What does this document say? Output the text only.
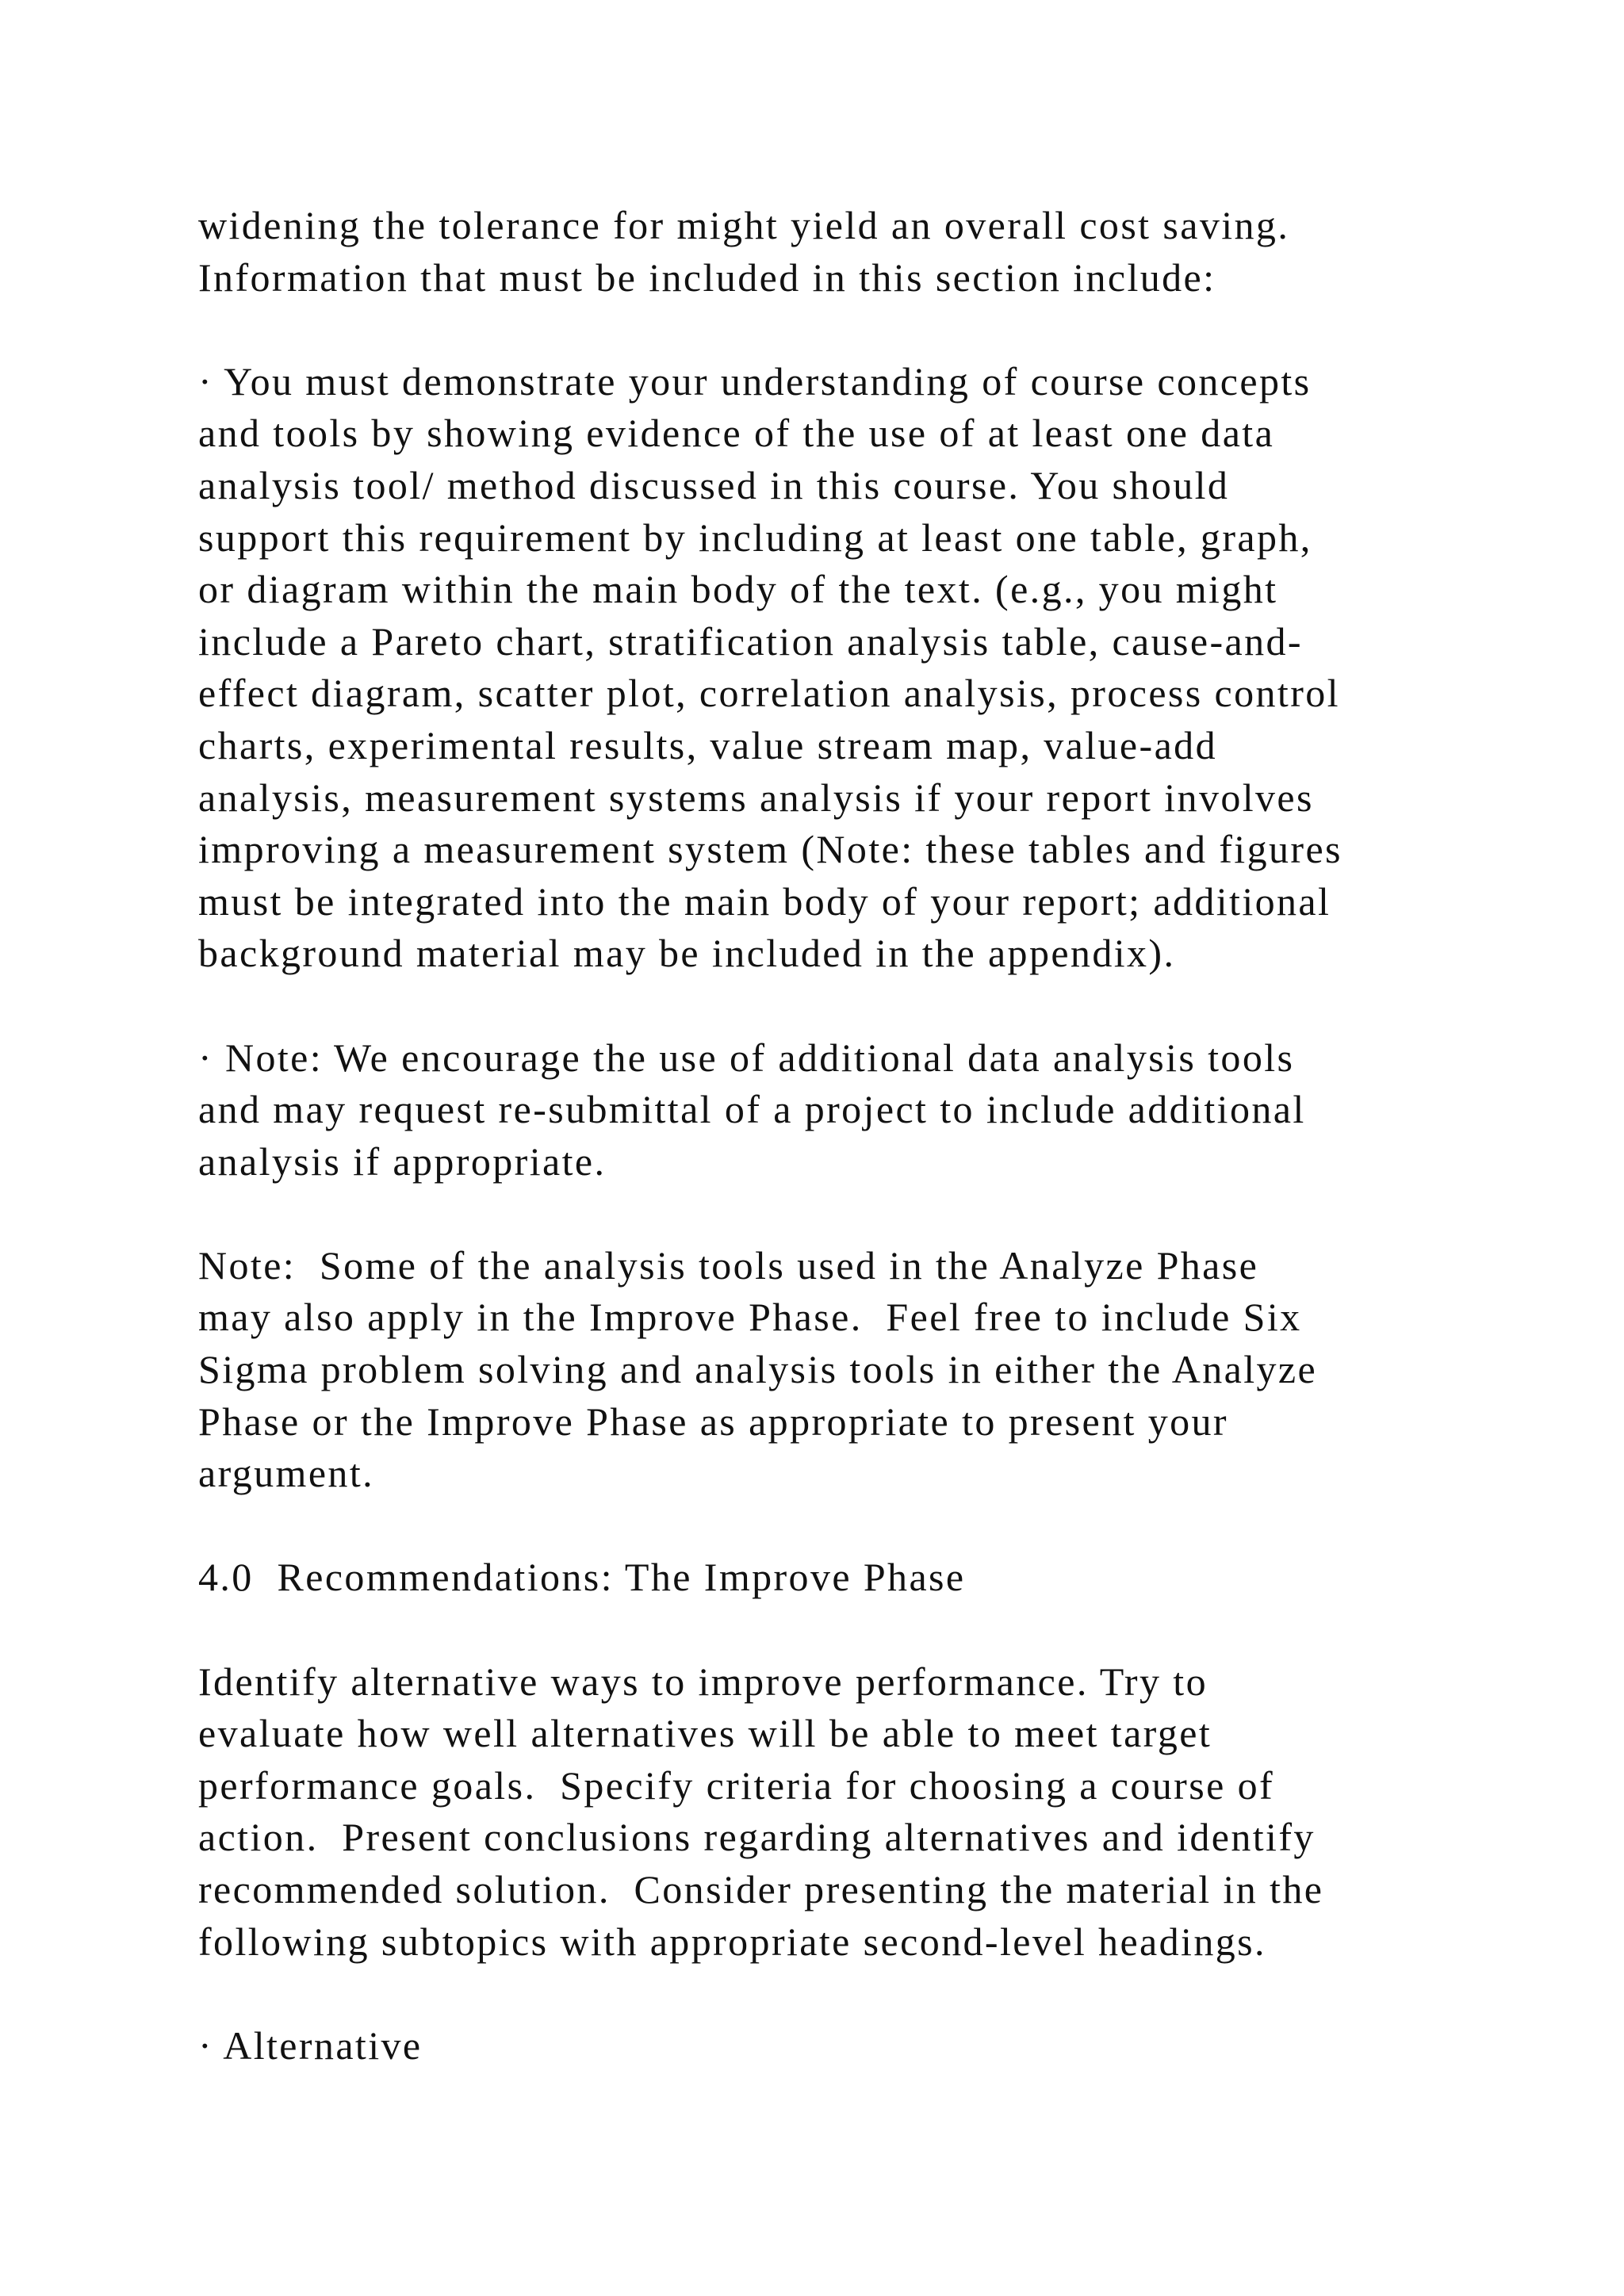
widening the tolerance for might yield an overall cost saving.
Information that must be included in this section include:
· You must demonstrate your understanding of course concepts
and tools by showing evidence of the use of at least one data
analysis tool/ method discussed in this course. You should
support this requirement by including at least one table, graph,
or diagram within the main body of the text. (e.g., you might
include a Pareto chart, stratification analysis table, cause-and-
effect diagram, scatter plot, correlation analysis, process control
charts, experimental results, value stream map, value-add
analysis, measurement systems analysis if your report involves
improving a measurement system (Note: these tables and figures
must be integrated into the main body of your report; additional
background material may be included in the appendix).
· Note: We encourage the use of additional data analysis tools
and may request re-submittal of a project to include additional
analysis if appropriate.
Note:  Some of the analysis tools used in the Analyze Phase
may also apply in the Improve Phase.  Feel free to include Six
Sigma problem solving and analysis tools in either the Analyze
Phase or the Improve Phase as appropriate to present your
argument.
4.0  Recommendations: The Improve Phase
Identify alternative ways to improve performance. Try to
evaluate how well alternatives will be able to meet target
performance goals.  Specify criteria for choosing a course of
action.  Present conclusions regarding alternatives and identify
recommended solution.  Consider presenting the material in the
following subtopics with appropriate second-level headings.
· Alternative
